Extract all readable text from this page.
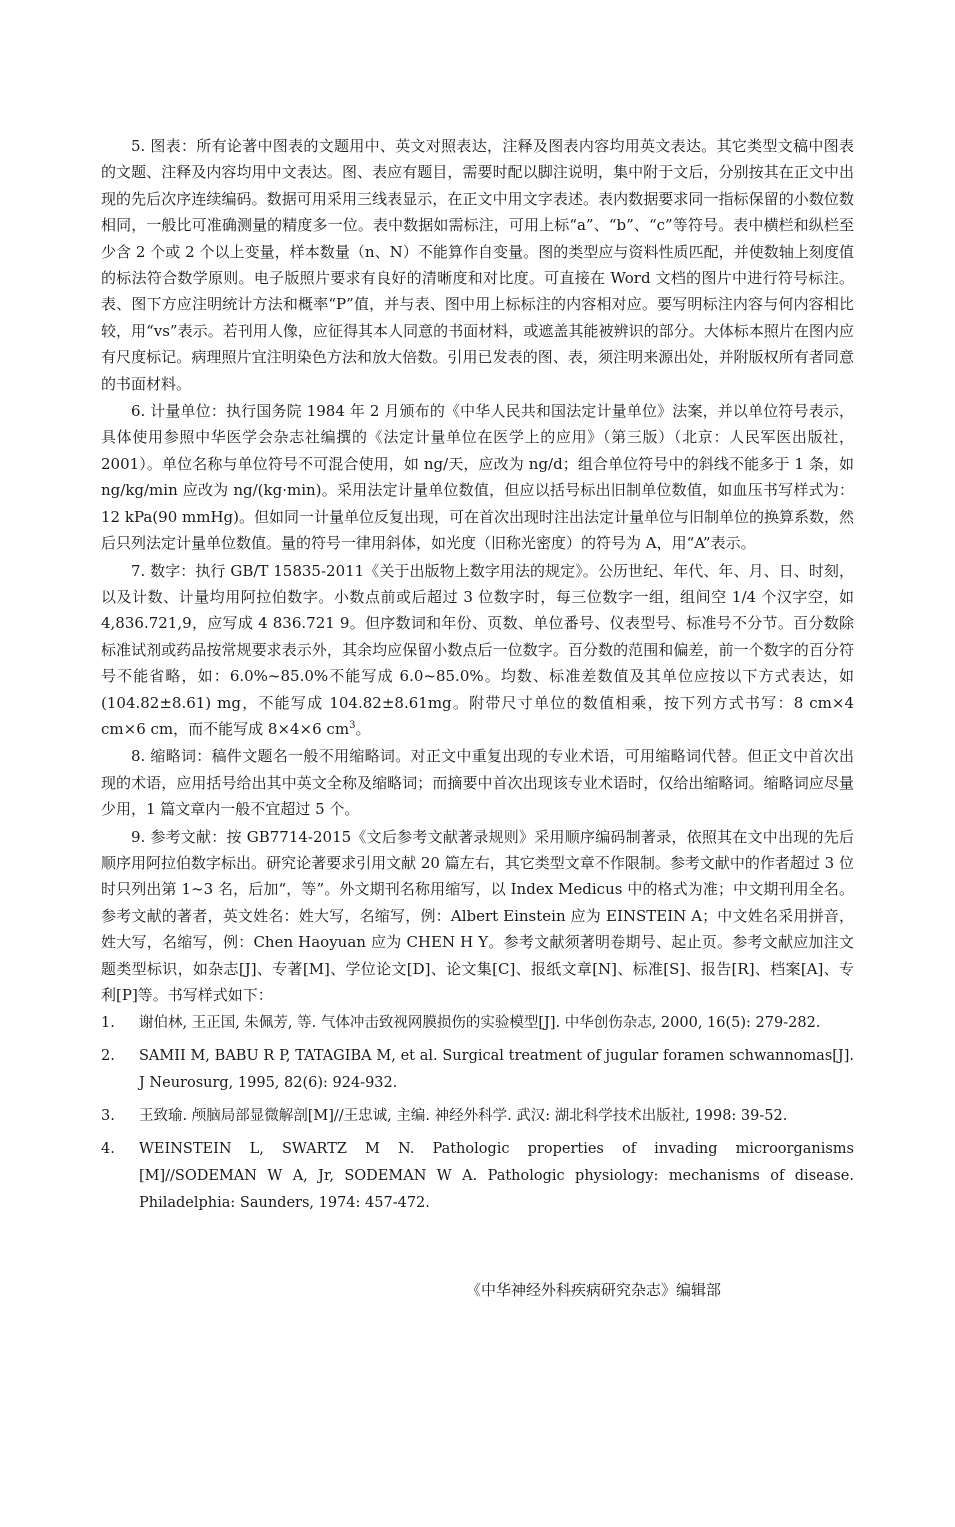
5. 图表：所有论著中图表的文题用中、英文对照表达，注释及图表内容均用英文表达。其它类型文稿中图表的文题、注释及内容均用中文表达。图、表应有题目，需要时配以脚注说明，集中附于文后，分别按其在正文中出现的先后次序连续编码。数据可用采用三线表显示，在正文中用文字表述。表内数据要求同一指标保留的小数位数相同，一般比可准确测量的精度多一位。表中数据如需标注，可用上标“a”、“b”、“c”等符号。表中横栏和纵栏至少含 2 个或 2 个以上变量，样本数量（n、N）不能算作自变量。图的类型应与资料性质匹配，并使数轴上刻度值的标法符合数学原则。电子版照片要求有良好的清晰度和对比度。可直接在 Word 文档的图片中进行符号标注。表、图下方应注明统计方法和概率“P”值，并与表、图中用上标标注的内容相对应。要写明标注内容与何内容相比较，用“vs”表示。若刊用人像，应征得其本人同意的书面材料，或遮盖其能被辨识的部分。大体标本照片在图内应有尺度标记。病理照片宜注明染色方法和放大倍数。引用已发表的图、表，须注明来源出处，并附版权所有者同意的书面材料。

6. 计量单位：执行国务院 1984 年 2 月颁布的《中华人民共和国法定计量单位》法案，并以单位符号表示，具体使用参照中华医学会杂志社编撰的《法定计量单位在医学上的应用》（第三版）（北京：人民军医出版社，2001）。单位名称与单位符号不可混合使用，如 ng/天，应改为 ng/d；组合单位符号中的斜线不能多于 1 条，如 ng/kg/min 应改为 ng/(kg·min)。采用法定计量单位数值，但应以括号标出旧制单位数值，如血压书写样式为：12 kPa(90 mmHg)。但如同一计量单位反复出现，可在首次出现时注出法定计量单位与旧制单位的换算系数，然后只列法定计量单位数值。量的符号一律用斜体，如光度（旧称光密度）的符号为 A，用“A”表示。

7. 数字：执行 GB/T 15835-2011《关于出版物上数字用法的规定》。公历世纪、年代、年、月、日、时刻，以及计数、计量均用阿拉伯数字。小数点前或后超过 3 位数字时，每三位数字一组，组间空 1/4 个汉字空，如 4,836.721,9，应写成 4 836.721 9。但序数词和年份、页数、单位番号、仪表型号、标准号不分节。百分数除标准试剂或药品按常规要求表示外，其余均应保留小数点后一位数字。百分数的范围和偏差，前一个数字的百分符号不能省略，如：6.0%~85.0%不能写成 6.0~85.0%。均数、标准差数值及其单位应按以下方式表达，如(104.82±8.61) mg，不能写成 104.82±8.61mg。附带尺寸单位的数值相乘，按下列方式书写：8 cm×4 cm×6 cm，而不能写成 8×4×6 $cm^3$。

8. 缩略词：稿件文题名一般不用缩略词。对正文中重复出现的专业术语，可用缩略词代替。但正文中首次出现的术语，应用括号给出其中英文全称及缩略词；而摘要中首次出现该专业术语时，仅给出缩略词。缩略词应尽量少用，1 篇文章内一般不宜超过 5 个。

9. 参考文献：按 GB7714-2015《文后参考文献著录规则》采用顺序编码制著录，依照其在文中出现的先后顺序用阿拉伯数字标出。研究论著要求引用文献 20 篇左右，其它类型文章不作限制。参考文献中的作者超过 3 位时只列出第 1~3 名，后加“，等”。外文期刊名称用缩写，以 Index Medicus 中的格式为准；中文期刊用全名。参考文献的著者，英文姓名：姓大写，名缩写，例：Albert Einstein 应为 EINSTEIN A；中文姓名采用拼音，姓大写，名缩写，例：Chen Haoyuan 应为 CHEN H Y。参考文献须著明卷期号、起止页。参考文献应加注文题类型标识，如杂志[J]、专著[M]、学位论文[D]、论文集[C]、报纸文章[N]、标准[S]、报告[R]、档案[A]、专利[P]等。书写样式如下：

1. 谢伯林, 王正国, 朱佩芳, 等. 气体冲击致视网膜损伤的实验模型[J]. 中华创伤杂志, 2000, 16(5): 279-282.
2. SAMII M, BABU R P, TATAGIBA M, et al. Surgical treatment of jugular foramen schwannomas[J]. J Neurosurg, 1995, 82(6): 924-932.
3. 王致瑜. 颅脑局部显微解剖[M]//王忠诚, 主编. 神经外科学. 武汉: 湖北科学技术出版社, 1998: 39-52.
4. WEINSTEIN L, SWARTZ M N. Pathologic properties of invading microorganisms [M]//SODEMAN W A, Jr, SODEMAN W A. Pathologic physiology: mechanisms of disease. Philadelphia: Saunders, 1974: 457-472.
《中华神经外科疾病研究杂志》编辑部
